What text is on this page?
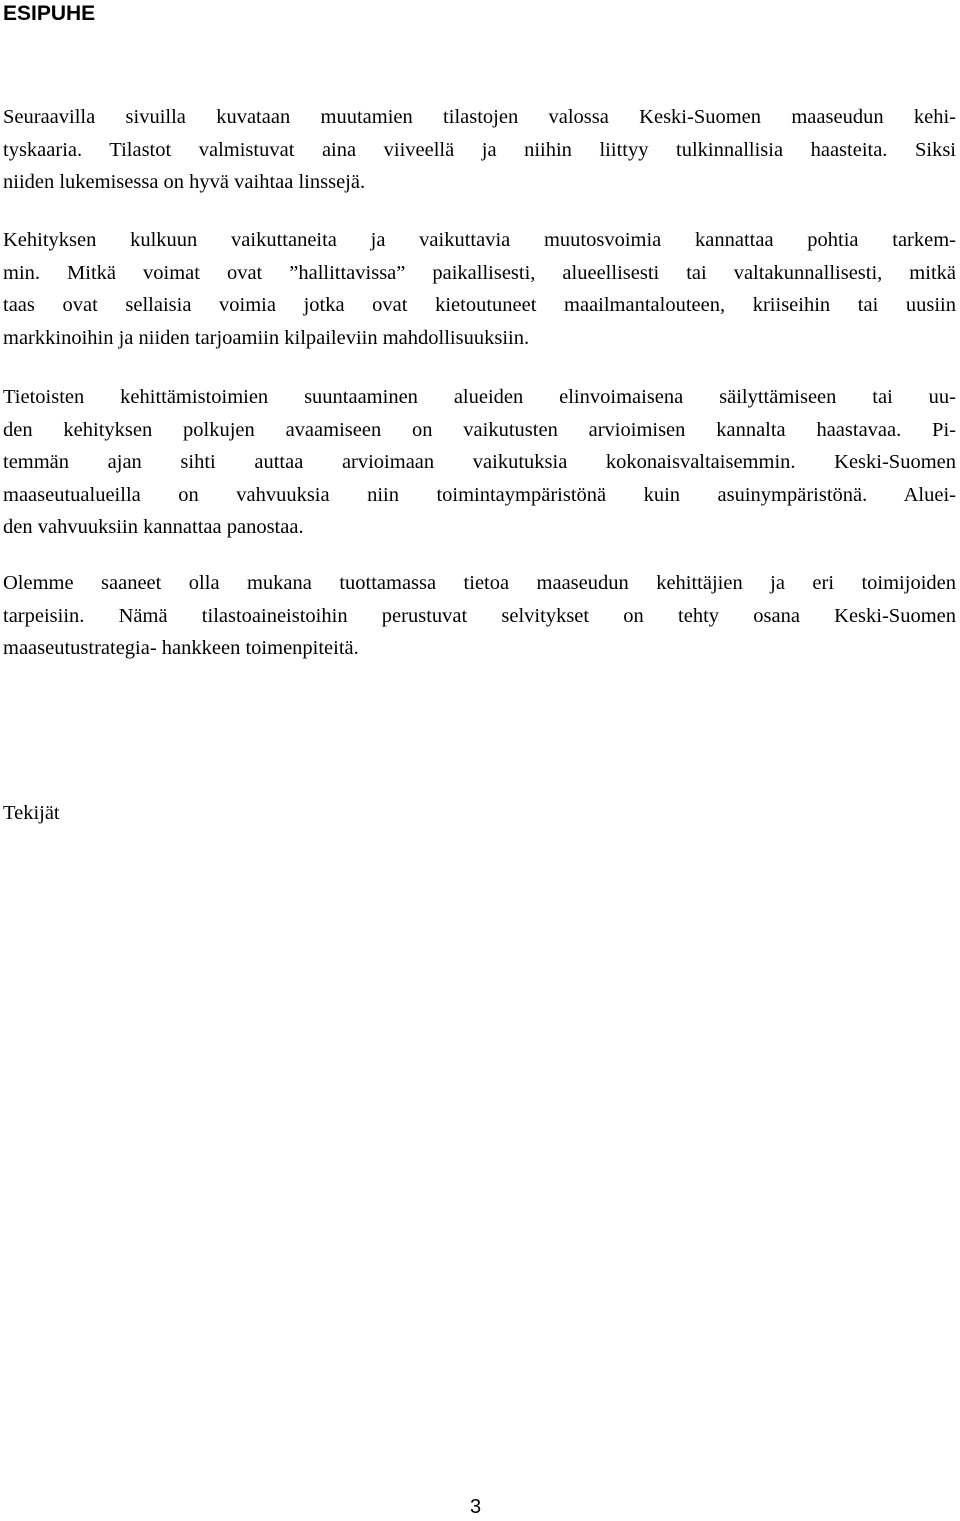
ESIPUHE
Seuraavilla sivuilla kuvataan muutamien tilastojen valossa Keski-Suomen maaseudun kehi-
tyskaaria. Tilastot valmistuvat aina viiveellä ja niihin liittyy tulkinnallisia haasteita. Siksi
niiden lukemisessa on hyvä vaihtaa linssejä.
Kehityksen kulkuun vaikuttaneita ja vaikuttavia muutosvoimia kannattaa pohtia tarkem-
min. Mitkä voimat ovat ”hallittavissa” paikallisesti, alueellisesti tai valtakunnallisesti, mitkä
taas ovat sellaisia voimia jotka ovat kietoutuneet maailmantalouteen, kriiseihin tai uusiin
markkinoihin ja niiden tarjoamiin kilpaileviin mahdollisuuksiin.
Tietoisten kehittämistoimien suuntaaminen alueiden elinvoimaisena säilyttämiseen tai uu-
den kehityksen polkujen avaamiseen on vaikutusten arvioimisen kannalta haastavaa. Pi-
temmän ajan sihti auttaa arvioimaan vaikutuksia kokonaisvaltaisemmin. Keski-Suomen
maaseutualueilla on vahvuuksia niin toimintaympäristönä kuin asuinympäristönä. Aluei-
den vahvuuksiin kannattaa panostaa.
Olemme saaneet olla mukana tuottamassa tietoa maaseudun kehittäjien ja eri toimijoiden
tarpeisiin. Nämä tilastoaineistoihin perustuvat selvitykset on tehty osana Keski-Suomen
maaseutustrategia- hankkeen toimenpiteitä.

Tekijät

3
